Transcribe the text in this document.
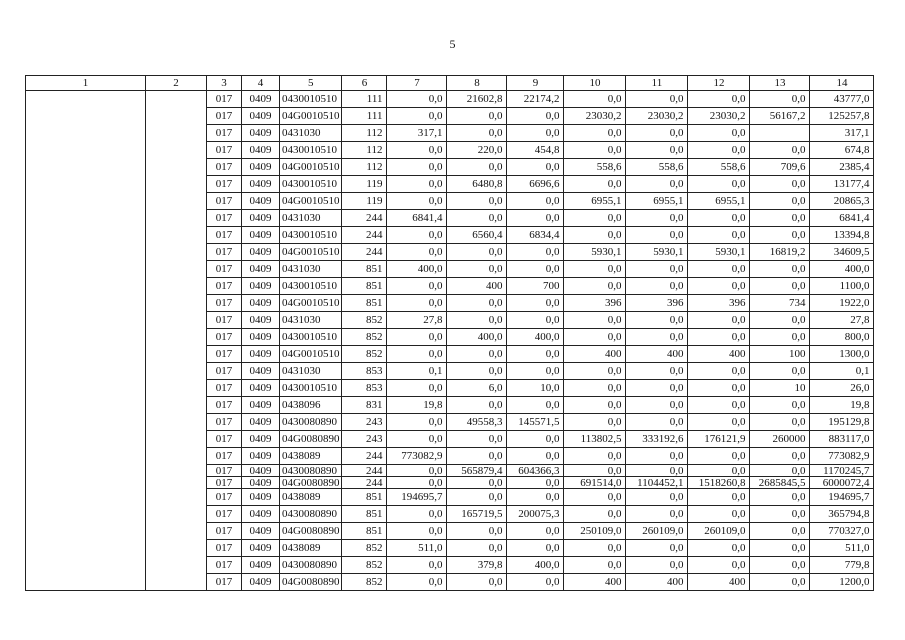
5
1	2	3	4	5	6	7	8	9	10	11	12	13	14
		017	0409	0430010510	111	0,0	21602,8	22174,2	0,0	0,0	0,0	0,0	43777,0
		017	0409	04G0010510	111	0,0	0,0	0,0	23030,2	23030,2	23030,2	56167,2	125257,8
		017	0409	0431030	112	317,1	0,0	0,0	0,0	0,0	0,0		317,1
		017	0409	0430010510	112	0,0	220,0	454,8	0,0	0,0	0,0	0,0	674,8
		017	0409	04G0010510	112	0,0	0,0	0,0	558,6	558,6	558,6	709,6	2385,4
		017	0409	0430010510	119	0,0	6480,8	6696,6	0,0	0,0	0,0	0,0	13177,4
		017	0409	04G0010510	119	0,0	0,0	0,0	6955,1	6955,1	6955,1	0,0	20865,3
		017	0409	0431030	244	6841,4	0,0	0,0	0,0	0,0	0,0	0,0	6841,4
		017	0409	0430010510	244	0,0	6560,4	6834,4	0,0	0,0	0,0	0,0	13394,8
		017	0409	04G0010510	244	0,0	0,0	0,0	5930,1	5930,1	5930,1	16819,2	34609,5
		017	0409	0431030	851	400,0	0,0	0,0	0,0	0,0	0,0	0,0	400,0
		017	0409	0430010510	851	0,0	400	700	0,0	0,0	0,0	0,0	1100,0
		017	0409	04G0010510	851	0,0	0,0	0,0	396	396	396	734	1922,0
		017	0409	0431030	852	27,8	0,0	0,0	0,0	0,0	0,0	0,0	27,8
		017	0409	0430010510	852	0,0	400,0	400,0	0,0	0,0	0,0	0,0	800,0
		017	0409	04G0010510	852	0,0	0,0	0,0	400	400	400	100	1300,0
		017	0409	0431030	853	0,1	0,0	0,0	0,0	0,0	0,0	0,0	0,1
		017	0409	0430010510	853	0,0	6,0	10,0	0,0	0,0	0,0	10	26,0
		017	0409	0438096	831	19,8	0,0	0,0	0,0	0,0	0,0	0,0	19,8
		017	0409	0430080890	243	0,0	49558,3	145571,5	0,0	0,0	0,0	0,0	195129,8
		017	0409	04G0080890	243	0,0	0,0	0,0	113802,5	333192,6	176121,9	260000	883117,0
		017	0409	0438089	244	773082,9	0,0	0,0	0,0	0,0	0,0	0,0	773082,9
		017	0409	0430080890	244	0,0	565879,4	604366,3	0,0	0,0	0,0	0,0	1170245,7
		017	0409	04G0080890	244	0,0	0,0	0,0	691514,0	1104452,1	1518260,8	2685845,5	6000072,4
		017	0409	0438089	851	194695,7	0,0	0,0	0,0	0,0	0,0	0,0	194695,7
		017	0409	0430080890	851	0,0	165719,5	200075,3	0,0	0,0	0,0	0,0	365794,8
		017	0409	04G0080890	851	0,0	0,0	0,0	250109,0	260109,0	260109,0	0,0	770327,0
		017	0409	0438089	852	511,0	0,0	0,0	0,0	0,0	0,0	0,0	511,0
		017	0409	0430080890	852	0,0	379,8	400,0	0,0	0,0	0,0	0,0	779,8
		017	0409	04G0080890	852	0,0	0,0	0,0	400	400	400	0,0	1200,0
